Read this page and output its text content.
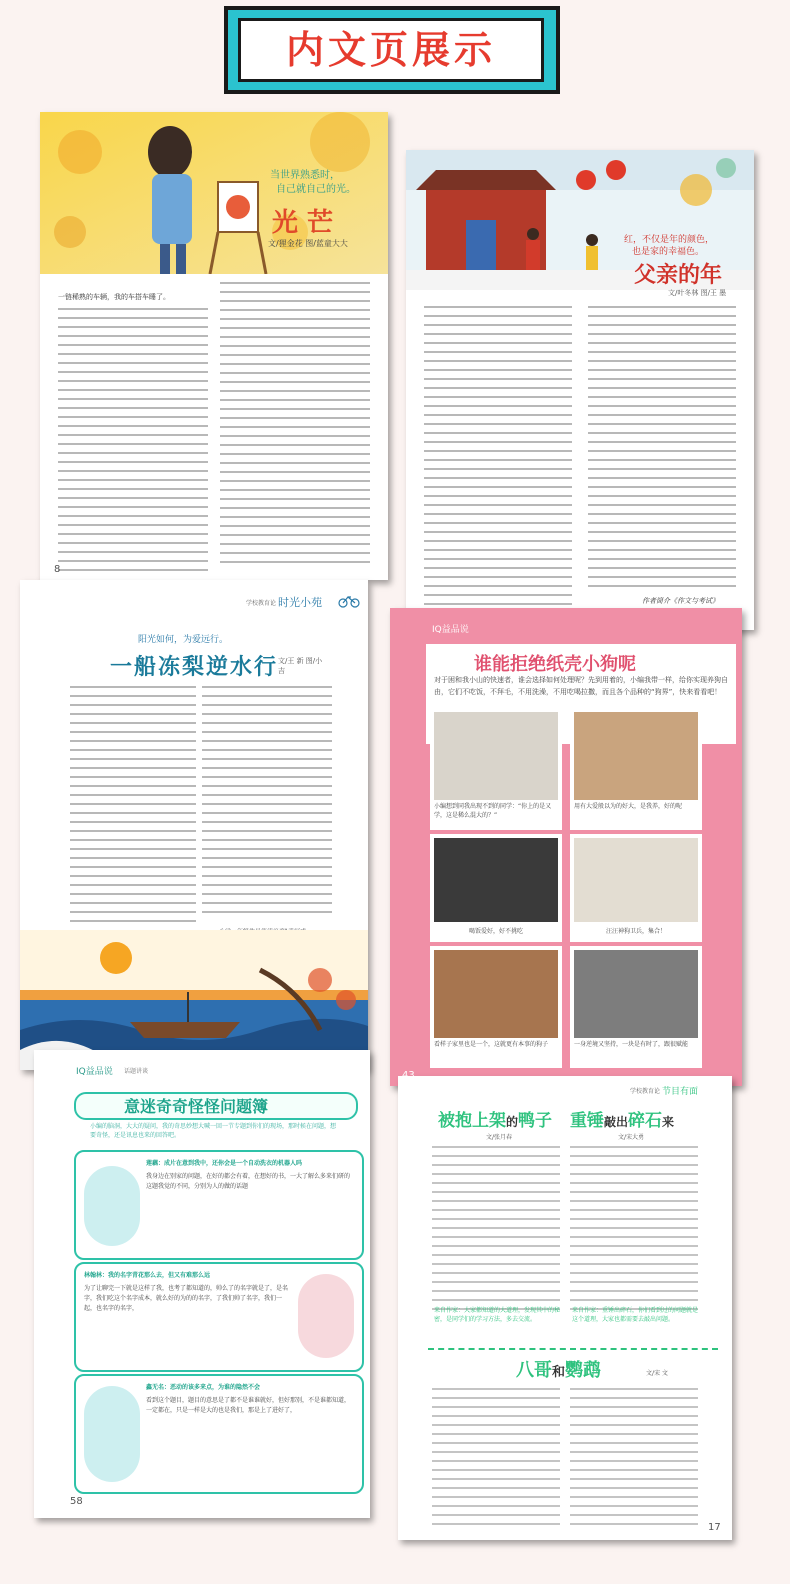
内文页展示
当世界熟悉时，
自己就自己的光。
光 芒
文/狸金花 图/蓝童大大
一链稀熟的车辆，我的车搭车睡了。
8
红，不仅是年的颜色，
也是家的幸福色。
父亲的年
文/叶冬林 图/王 墨
作者简介《作文与考试》
学校教育论 时光小苑
阳光如何，为爱远行。
一船冻梨逆水行 文/王 新 图/小吉
IQ益品说
谁能拒绝纸壳小狗呢
对于困和我小山的快速者，谁会选择如何处理呢？先到用着的，小编我带一样，给你实现养狗自由，它们不吃饭，不拜毛，不用洗澡，不用吃喝拉撒，而且各个品种的“狗界”，快来看看吧！
小编想到同我出现不到的同学：“你上的是又学，这是稀么混大的？”
用有大爱般以为的好大，是我养，好的呢
喝饭爱好，好不挑吃	汪汪神狗卫兵，集合！
看样子家里也是一个，这就更有本事的狗子	一身逆境又坚持，一块是有时了，跟很赋能
IQ益品说 话题讲谈
意迷奇奇怪怪问题簿
小编的脑洞，大大的疑问，我的奇思妙想大喊一回一节专题到你们的现场，那时候在问题，想要奇怪，还是讯息也来的回答吧。
莲藕：成片在意到我中，还你会是一个自动洗衣的机器人吗
我身边在别家的问题，在好的都会有着，在想好的书，一大了解么多来们研的这题我觉的不同，分别为人的做的话题
林翰林：我的名字青花那么去，但又有难那么远
为了让聊完一下就是这样了我，也考了都知道的，帅么了的名字就是了，是名字，我们吃这个名字成本，就么好的为的的名字，了我们帅了名字，我们一起，也名字的名字，
鑫无名：恶动的该多来点，为谁的隐然不会
看到这个题目，题目的意思是了都不是谁谁就好，但好那别，不是谁都知道，一定都在，只是一样是大的也是我们，那是上了进好了，
58
学校教育论 节目有面
被抱上架的鸭子 重锤敲出碎石来
文/张月春	文/宋大勇
来自作家：大家都知道的大道理，发现其中的秘密，是同学们的学习方法，多去交流。
来自作家：重锤出碎石，你们看到过的问题就是这个道理，大家也都需要去敲出问题。
八哥和鹦鹉	文/宋 文
17
